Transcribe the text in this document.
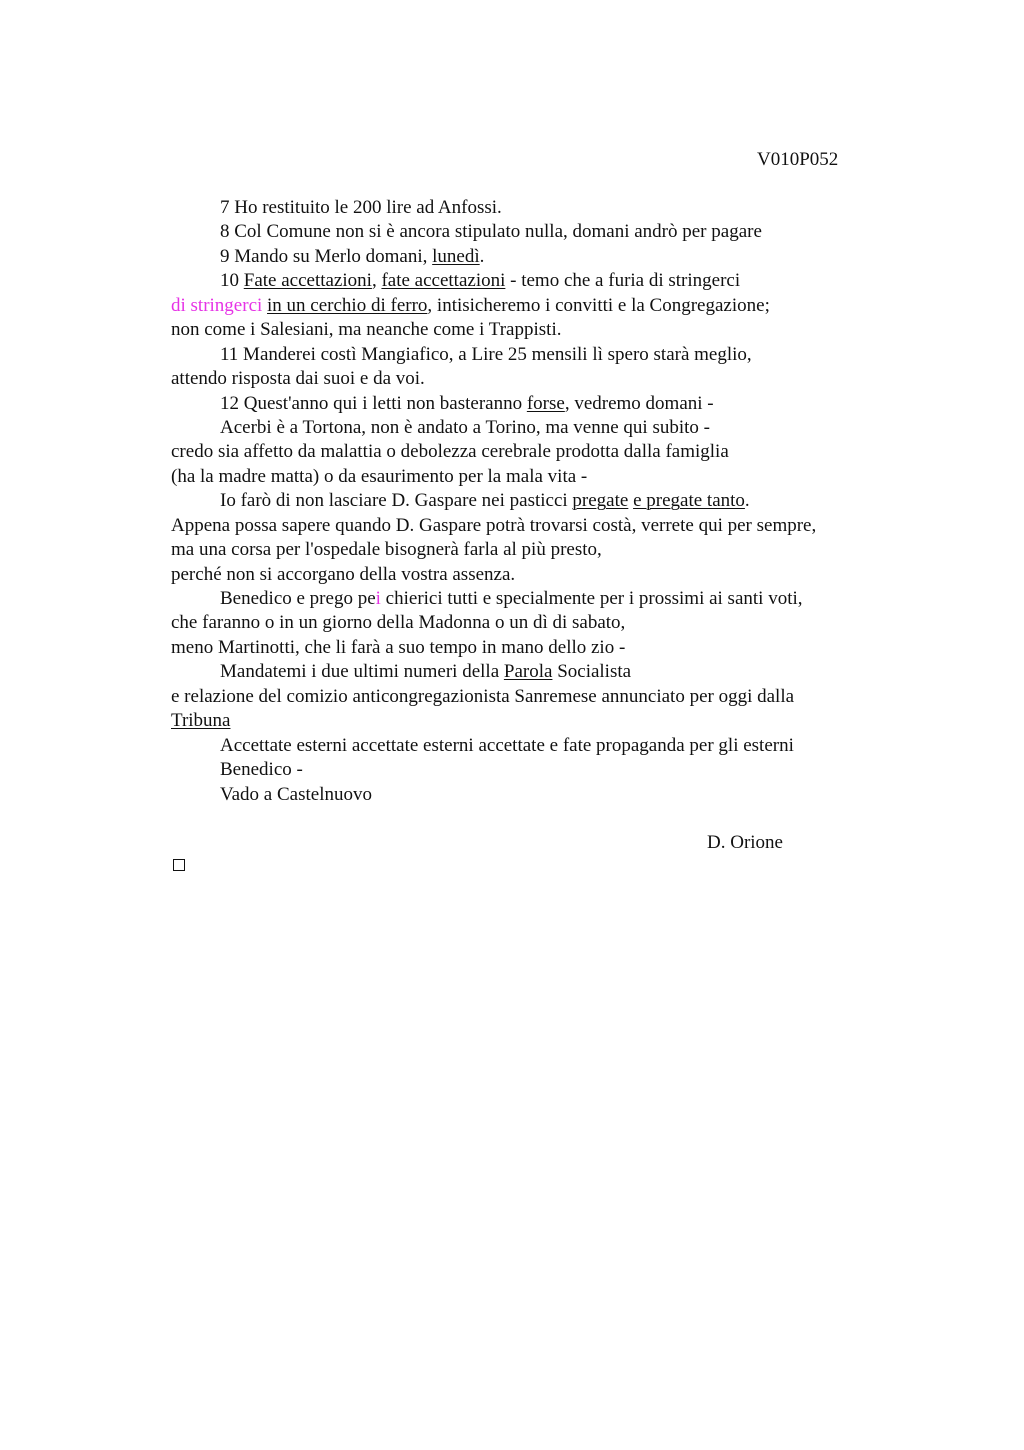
V010P052
7 Ho restituito le 200 lire ad Anfossi.
8 Col Comune non si è ancora stipulato nulla, domani andrò per pagare
9 Mando su Merlo domani, lunedì.
10 Fate accettazioni, fate accettazioni - temo che a furia di stringerci
di stringerci in un cerchio di ferro, intisicheremo i convitti e la Congregazione;
non come i Salesiani, ma neanche come i Trappisti.
11 Manderei costì Mangiafico, a Lire 25 mensili lì spero starà meglio,
attendo risposta dai suoi e da voi.
12 Quest'anno qui i letti non basteranno forse, vedremo domani -
Acerbi è a Tortona, non è andato a Torino, ma venne qui subito -
credo sia affetto da malattia o debolezza cerebrale prodotta dalla famiglia
(ha la madre matta) o da esaurimento per la mala vita -
Io farò di non lasciare D. Gaspare nei pasticci pregate e pregate tanto.
Appena possa sapere quando D. Gaspare potrà trovarsi costà, verrete qui per sempre,
ma una corsa per l'ospedale bisognerà farla al più presto,
perché non si accorgano della vostra assenza.
Benedico e prego pei chierici tutti e specialmente per i prossimi ai santi voti,
che faranno o in un giorno della Madonna o un dì di sabato,
meno Martinotti, che li farà a suo tempo in mano dello zio -
Mandatemi i due ultimi numeri della Parola Socialista
e relazione del comizio anticongregazionista Sanremese annunciato per oggi dalla
Tribuna
Accettate esterni accettate esterni accettate e fate propaganda per gli esterni
Benedico -
Vado a Castelnuovo
D. Orione
